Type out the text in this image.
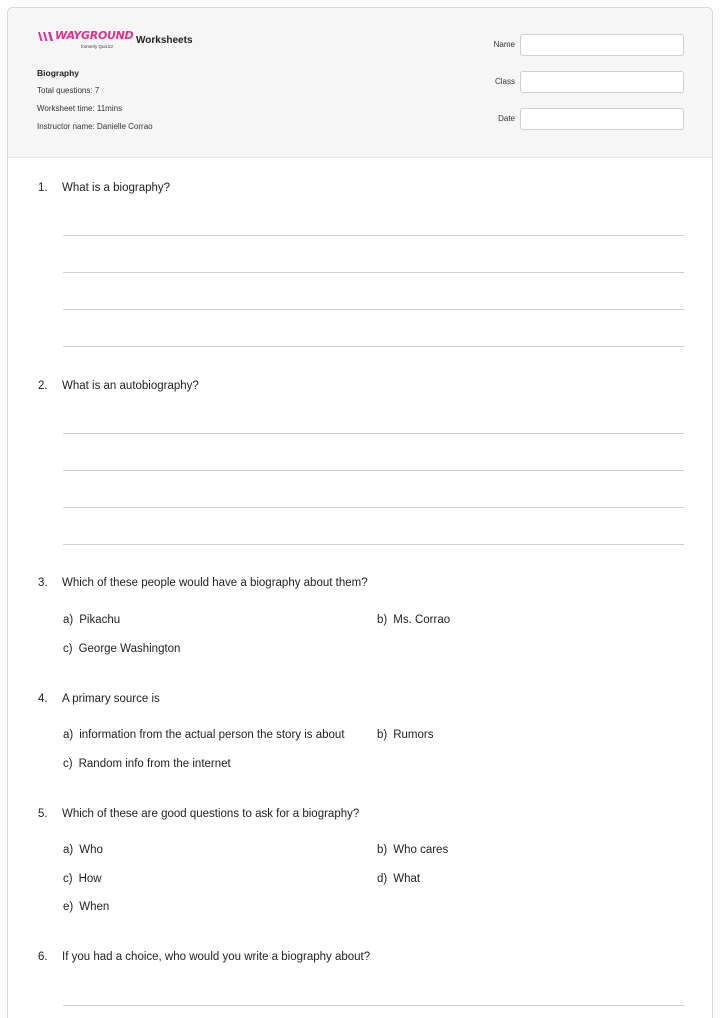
WAYGROUND
formerly Quizizz
Worksheets
Biography
Total questions: 7
Worksheet time: 11mins
Instructor name: Danielle Corrao
Name
Class
Date
1. What is a biography?
2. What is an autobiography?
3. Which of these people would have a biography about them?
a) Pikachu	b) Ms. Corrao
c) George Washington
4. A primary source is
a) information from the actual person the story is about	b) Rumors
c) Random info from the internet
5. Which of these are good questions to ask for a biography?
a) Who	b) Who cares
c) How	d) What
e) When
6. If you had a choice, who would you write a biography about?
